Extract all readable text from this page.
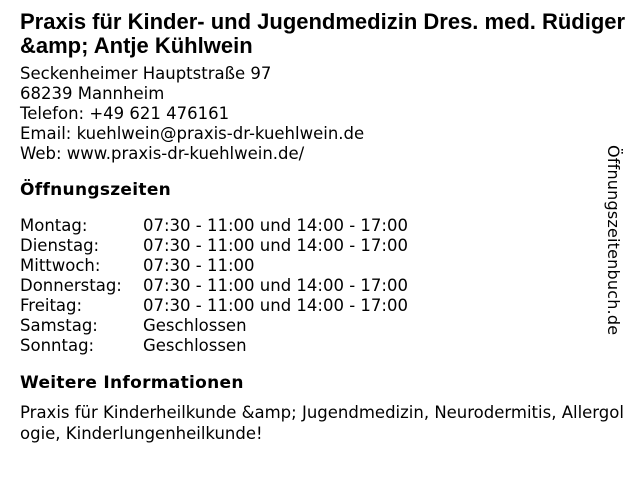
Praxis für Kinder- und Jugendmedizin Dres. med. Rüdiger &amp; Antje Kühlwein

Seckenheimer Hauptstraße 97
68239 Mannheim
Telefon: +49 621 476161
Email: kuehlwein@praxis-dr-kuehlwein.de
Web: www.praxis-dr-kuehlwein.de/

Öffnungszeiten
Montag:	07:30 - 11:00 und 14:00 - 17:00
Dienstag:	07:30 - 11:00 und 14:00 - 17:00
Mittwoch:	07:30 - 11:00
Donnerstag:	07:30 - 11:00 und 14:00 - 17:00
Freitag:	07:30 - 11:00 und 14:00 - 17:00
Samstag:	Geschlossen
Sonntag:	Geschlossen
Weitere Informationen

Praxis für Kinderheilkunde &amp; Jugendmedizin, Neurodermitis, Allergologie, Kinderlungenheilkunde!

Öffnungszeitenbuch.de
